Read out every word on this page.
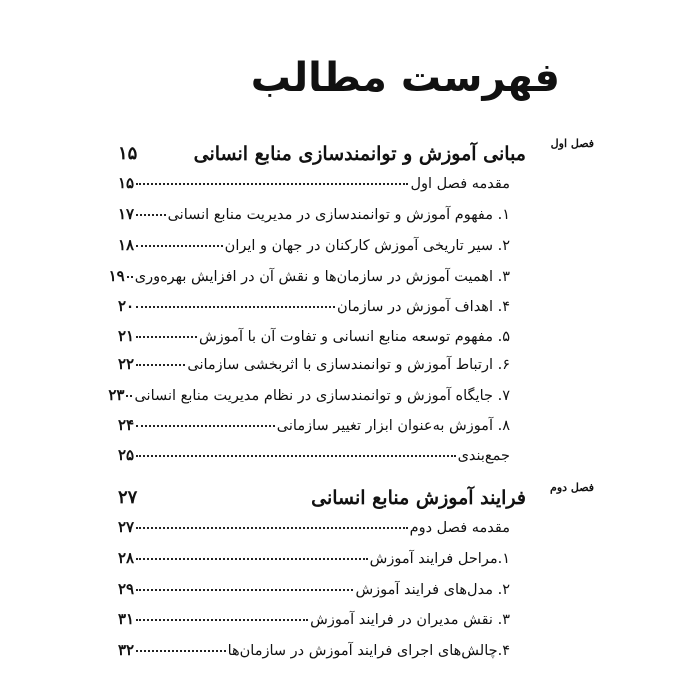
فهرست مطالب
فصل اول
مبانی آموزش و توانمندسازی منابع انسانی
۱۵
مقدمه فصل اول
۱۵
۱. مفهوم آموزش و توانمندسازی در مدیریت منابع انسانی
۱۷
۲. سیر تاریخی آموزش کارکنان در جهان و ایران
۱۸
۳. اهمیت آموزش در سازمان‌ها و نقش آن در افزایش بهره‌وری
۱۹
۴. اهداف آموزش در سازمان
۲۰
۵. مفهوم توسعه منابع انسانی و تفاوت آن با آموزش
۲۱
۶. ارتباط آموزش و توانمندسازی با اثربخشی سازمانی
۲۲
۷. جایگاه آموزش و توانمندسازی در نظام مدیریت منابع انسانی
۲۳
۸. آموزش به‌عنوان ابزار تغییر سازمانی
۲۴
جمع‌بندی
۲۵
فصل دوم
فرایند آموزش منابع انسانی
۲۷
مقدمه فصل دوم
۲۷
۱.مراحل فرایند آموزش
۲۸
۲. مدل‌های فرایند آموزش
۲۹
۳. نقش مدیران در فرایند آموزش
۳۱
۴.چالش‌های اجرای فرایند آموزش در سازمان‌ها
۳۲
